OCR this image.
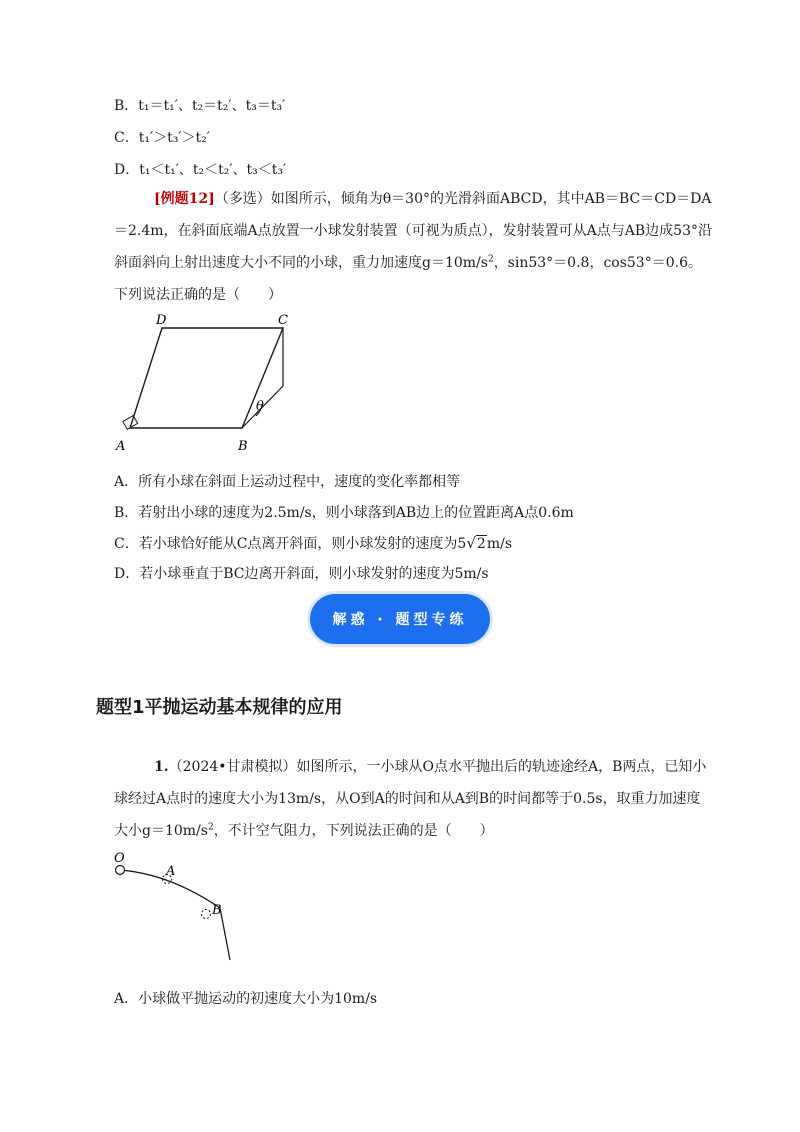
B．t₁＝t₁′、t₂＝t₂′、t₃＝t₃′
C．t₁′＞t₃′＞t₂′
D．t₁＜t₁′、t₂＜t₂′、t₃＜t₃′
[例题12]（多选）如图所示，倾角为θ＝30°的光滑斜面ABCD，其中AB＝BC＝CD＝DA＝2.4m，在斜面底端A点放置一小球发射装置（可视为质点），发射装置可从A点与AB边成53°沿斜面斜向上射出速度大小不同的小球，重力加速度$g=10m/s^2$，sin53°＝0.8，cos53°＝0.6。下列说法正确的是（　　）
A	B
C
D
θ
A．所有小球在斜面上运动过程中，速度的变化率都相等
B．若射出小球的速度为2.5m/s，则小球落到AB边上的位置距离A点0.6m
C．若小球恰好能从C点离开斜面，则小球发射的速度为5√2m/s
D．若小球垂直于BC边离开斜面，则小球发射的速度为5m/s
解惑 · 题型专练
题型1平抛运动基本规律的应用
1.（2024•甘肃模拟）如图所示，一小球从O点水平抛出后的轨迹途经A，B两点，已知小球经过A点时的速度大小为13m/s，从O到A的时间和从A到B的时间都等于0.5s，取重力加速度大小$g=10m/s^2$，不计空气阻力，下列说法正确的是（　　）
O
A
B
A．小球做平抛运动的初速度大小为10m/s
